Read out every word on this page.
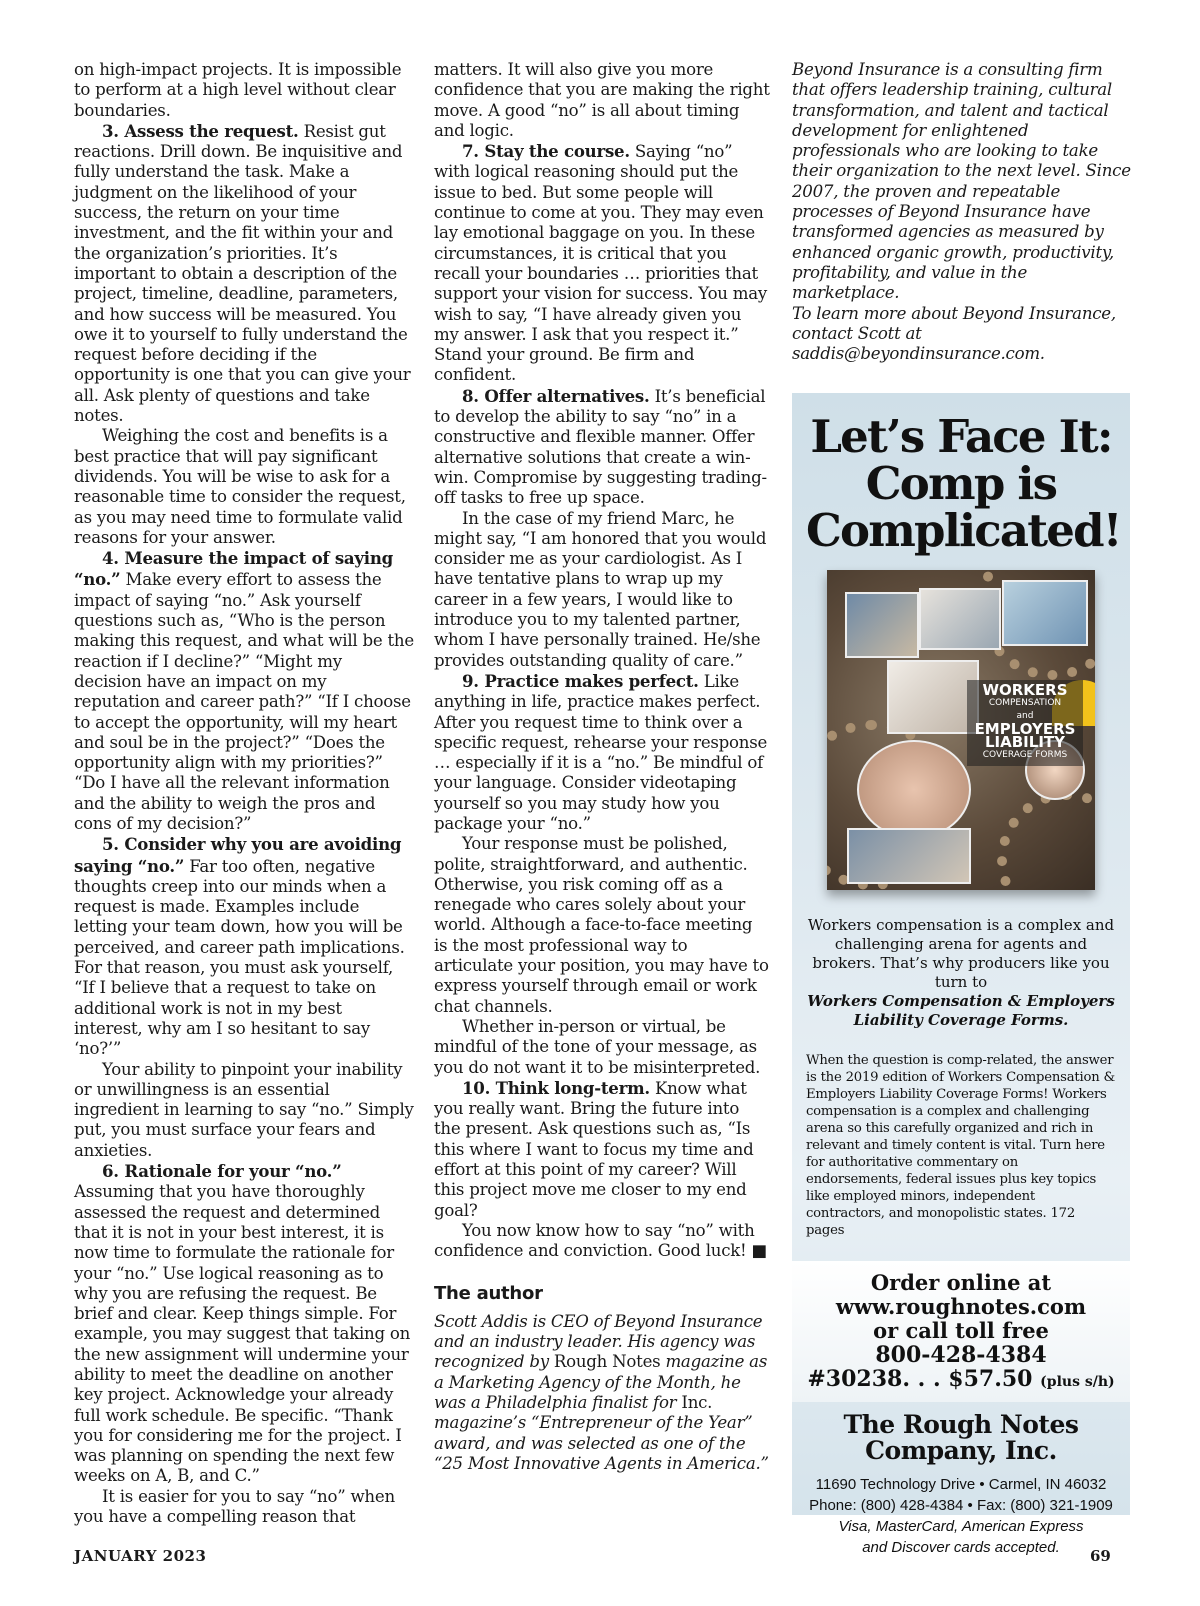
on high-impact projects. It is impossible to perform at a high level without clear boundaries.

3. Assess the request. Resist gut reactions. Drill down. Be inquisitive and fully understand the task. Make a judgment on the likelihood of your success, the return on your time investment, and the fit within your and the organization’s priorities. It’s important to obtain a description of the project, timeline, deadline, parameters, and how success will be measured. You owe it to yourself to fully understand the request before deciding if the opportunity is one that you can give your all. Ask plenty of questions and take notes.

Weighing the cost and benefits is a best practice that will pay significant dividends. You will be wise to ask for a reasonable time to consider the request, as you may need time to formulate valid reasons for your answer.

4. Measure the impact of saying “no.” Make every effort to assess the impact of saying “no.” Ask yourself questions such as, “Who is the person making this request, and what will be the reaction if I decline?” “Might my decision have an impact on my reputation and career path?” “If I choose to accept the opportunity, will my heart and soul be in the project?” “Does the opportunity align with my priorities?” “Do I have all the relevant information and the ability to weigh the pros and cons of my decision?”

5. Consider why you are avoiding saying “no.” Far too often, negative thoughts creep into our minds when a request is made. Examples include letting your team down, how you will be perceived, and career path implications. For that reason, you must ask yourself, “If I believe that a request to take on additional work is not in my best interest, why am I so hesitant to say ‘no?’”

Your ability to pinpoint your inability or unwillingness is an essential ingredient in learning to say “no.” Simply put, you must surface your fears and anxieties.

6. Rationale for your “no.” Assuming that you have thoroughly assessed the request and determined that it is not in your best interest, it is now time to formulate the rationale for your “no.” Use logical reasoning as to why you are refusing the request. Be brief and clear. Keep things simple. For example, you may suggest that taking on the new assignment will undermine your ability to meet the deadline on another key project. Acknowledge your already full work schedule. Be specific. “Thank you for considering me for the project. I was planning on spending the next few weeks on A, B, and C.”

It is easier for you to say “no” when you have a compelling reason that

matters. It will also give you more confidence that you are making the right move. A good “no” is all about timing and logic.

7. Stay the course. Saying “no” with logical reasoning should put the issue to bed. But some people will continue to come at you. They may even lay emotional baggage on you. In these circumstances, it is critical that you recall your boundaries … priorities that support your vision for success. You may wish to say, “I have already given you my answer. I ask that you respect it.” Stand your ground. Be firm and confident.

8. Offer alternatives. It’s beneficial to develop the ability to say “no” in a constructive and flexible manner. Offer alternative solutions that create a win-win. Compromise by suggesting trading-off tasks to free up space.

In the case of my friend Marc, he might say, “I am honored that you would consider me as your cardiologist. As I have tentative plans to wrap up my career in a few years, I would like to introduce you to my talented partner, whom I have personally trained. He/she provides outstanding quality of care.”

9. Practice makes perfect. Like anything in life, practice makes perfect. After you request time to think over a specific request, rehearse your response … especially if it is a “no.” Be mindful of your language. Consider videotaping yourself so you may study how you package your “no.”

Your response must be polished, polite, straightforward, and authentic. Otherwise, you risk coming off as a renegade who cares solely about your world. Although a face-to-face meeting is the most professional way to articulate your position, you may have to express yourself through email or work chat channels.

Whether in-person or virtual, be mindful of the tone of your message, as you do not want it to be misinterpreted.

10. Think long-term. Know what you really want. Bring the future into the present. Ask questions such as, “Is this where I want to focus my time and effort at this point of my career? Will this project move me closer to my end goal?

You now know how to say “no” with confidence and conviction. Good luck! ■

The author

Scott Addis is CEO of Beyond Insurance and an industry leader. His agency was recognized by Rough Notes magazine as a Marketing Agency of the Month, he was a Philadelphia finalist for Inc. magazine’s “Entrepreneur of the Year” award, and was selected as one of the “25 Most Innovative Agents in America.”

Beyond Insurance is a consulting firm that offers leadership training, cultural transformation, and talent and tactical development for enlightened professionals who are looking to take their organization to the next level. Since 2007, the proven and repeatable processes of Beyond Insurance have transformed agencies as measured by enhanced organic growth, productivity, profitability, and value in the marketplace.

To learn more about Beyond Insurance, contact Scott at saddis@beyondinsurance.com.

Let’s Face It:
Comp is
Complicated!
WORKERS
COMPENSATION
and
EMPLOYERS
LIABILITY
COVERAGE FORMS
Workers compensation is a complex and challenging arena for agents and brokers. That’s why producers like you turn to
Workers Compensation & Employers Liability Coverage Forms.
When the question is comp-related, the answer is the 2019 edition of Workers Compensation & Employers Liability Coverage Forms! Workers compensation is a complex and challenging arena so this carefully organized and rich in relevant and timely content is vital. Turn here for authoritative commentary on endorsements, federal issues plus key topics like employed minors, independent contractors, and monopolistic states. 172 pages
Order online at
www.roughnotes.com
or call toll free
800-428-4384
#30238. . . $57.50 (plus s/h)
The Rough Notes
Company, Inc.
11690 Technology Drive • Carmel, IN 46032
Phone: (800) 428-4384 • Fax: (800) 321-1909
Visa, MasterCard, American Express
and Discover cards accepted.
JANUARY 2023	69
